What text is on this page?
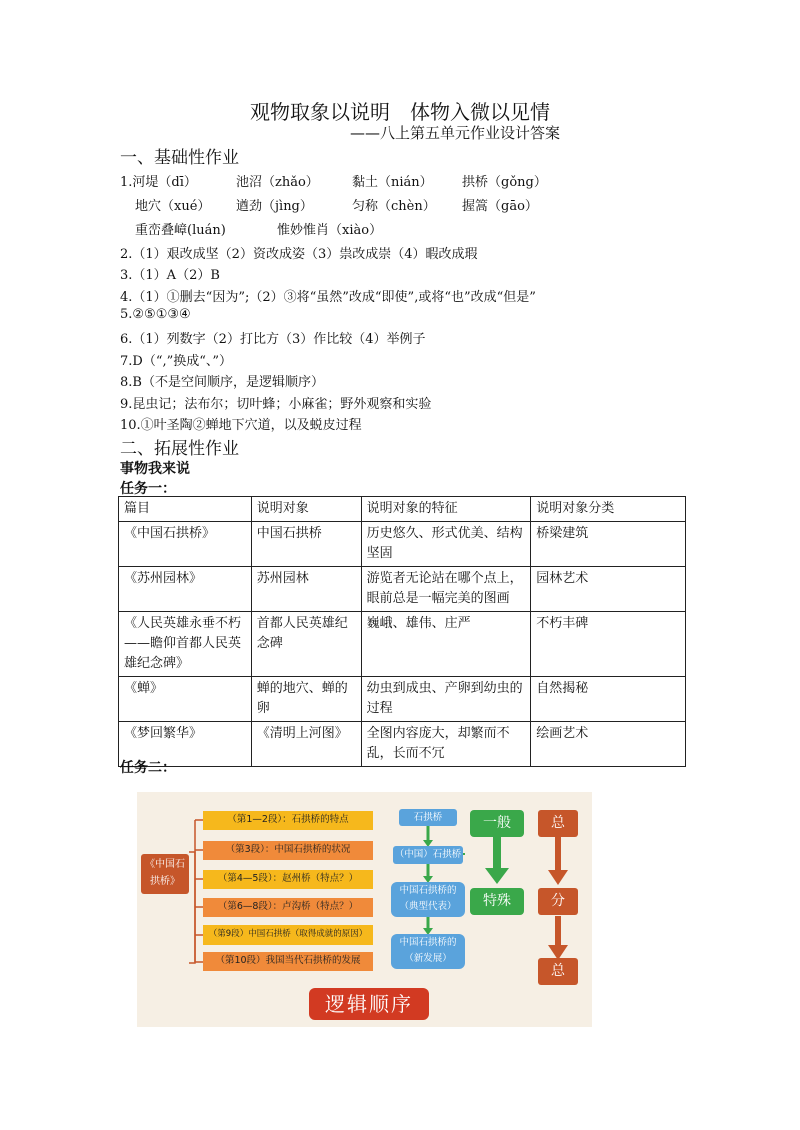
观物取象以说明　体物入微以见情
——八上第五单元作业设计答案
一、基础性作业
1.河堤（dī）	池沼（zhǎo）	黏土（nián） 拱桥（gǒng）
地穴（xué） 遒劲（jìng）	匀称（chèn） 握篙（gāo）
重峦叠嶂(luán)	惟妙惟肖（xiào）
2.（1）艰改成坚（2）资改成姿（3）祟改成崇（4）暇改成瑕
3.（1）A（2）B
4.（1）①删去“因为”;（2）③将“虽然”改成“即使”,或将“也”改成“但是”
5.②⑤①③④
6.（1）列数字（2）打比方（3）作比较（4）举例子
7.D（“,”换成“、”）
8.B（不是空间顺序，是逻辑顺序）
9.昆虫记；法布尔；切叶蜂；小麻雀；野外观察和实验
10.①叶圣陶②蝉地下穴道，以及蜕皮过程
二、拓展性作业
事物我来说
任务一：
篇目	说明对象	说明对象的特征	说明对象分类
《中国石拱桥》	中国石拱桥	历史悠久、形式优美、结构坚固	桥梁建筑
《苏州园林》	苏州园林	游览者无论站在哪个点上，眼前总是一幅完美的图画	园林艺术
《人民英雄永垂不朽——瞻仰首都人民英雄纪念碑》	首都人民英雄纪念碑	巍峨、雄伟、庄严	不朽丰碑
《蝉》	蝉的地穴、蝉的卵	幼虫到成虫、产卵到幼虫的过程	自然揭秘
《梦回繁华》	《清明上河图》	全图内容庞大，却繁而不乱，长而不冗	绘画艺术
任务二：
《中国石拱桥》
（第1—2段）：石拱桥的特点
（第3段）：中国石拱桥的状况
（第4—5段）：赵州桥（特点？）
（第6—8段）：卢沟桥（特点？）
（第9段）中国石拱桥（取得成就的原因）
（第10段）我国当代石拱桥的发展
石拱桥
（中国）石拱桥
中国石拱桥的（典型代表）
中国石拱桥的（新发展）
一般
特殊
总
分
总
逻辑顺序
